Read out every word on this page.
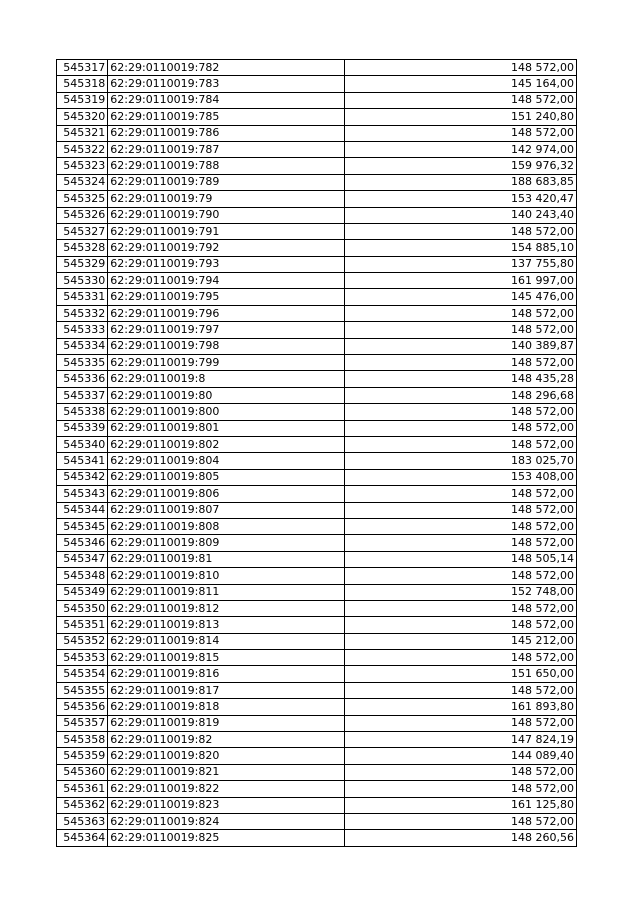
545317	62:29:0110019:782	148 572,00
545318	62:29:0110019:783	145 164,00
545319	62:29:0110019:784	148 572,00
545320	62:29:0110019:785	151 240,80
545321	62:29:0110019:786	148 572,00
545322	62:29:0110019:787	142 974,00
545323	62:29:0110019:788	159 976,32
545324	62:29:0110019:789	188 683,85
545325	62:29:0110019:79	153 420,47
545326	62:29:0110019:790	140 243,40
545327	62:29:0110019:791	148 572,00
545328	62:29:0110019:792	154 885,10
545329	62:29:0110019:793	137 755,80
545330	62:29:0110019:794	161 997,00
545331	62:29:0110019:795	145 476,00
545332	62:29:0110019:796	148 572,00
545333	62:29:0110019:797	148 572,00
545334	62:29:0110019:798	140 389,87
545335	62:29:0110019:799	148 572,00
545336	62:29:0110019:8	148 435,28
545337	62:29:0110019:80	148 296,68
545338	62:29:0110019:800	148 572,00
545339	62:29:0110019:801	148 572,00
545340	62:29:0110019:802	148 572,00
545341	62:29:0110019:804	183 025,70
545342	62:29:0110019:805	153 408,00
545343	62:29:0110019:806	148 572,00
545344	62:29:0110019:807	148 572,00
545345	62:29:0110019:808	148 572,00
545346	62:29:0110019:809	148 572,00
545347	62:29:0110019:81	148 505,14
545348	62:29:0110019:810	148 572,00
545349	62:29:0110019:811	152 748,00
545350	62:29:0110019:812	148 572,00
545351	62:29:0110019:813	148 572,00
545352	62:29:0110019:814	145 212,00
545353	62:29:0110019:815	148 572,00
545354	62:29:0110019:816	151 650,00
545355	62:29:0110019:817	148 572,00
545356	62:29:0110019:818	161 893,80
545357	62:29:0110019:819	148 572,00
545358	62:29:0110019:82	147 824,19
545359	62:29:0110019:820	144 089,40
545360	62:29:0110019:821	148 572,00
545361	62:29:0110019:822	148 572,00
545362	62:29:0110019:823	161 125,80
545363	62:29:0110019:824	148 572,00
545364	62:29:0110019:825	148 260,56
